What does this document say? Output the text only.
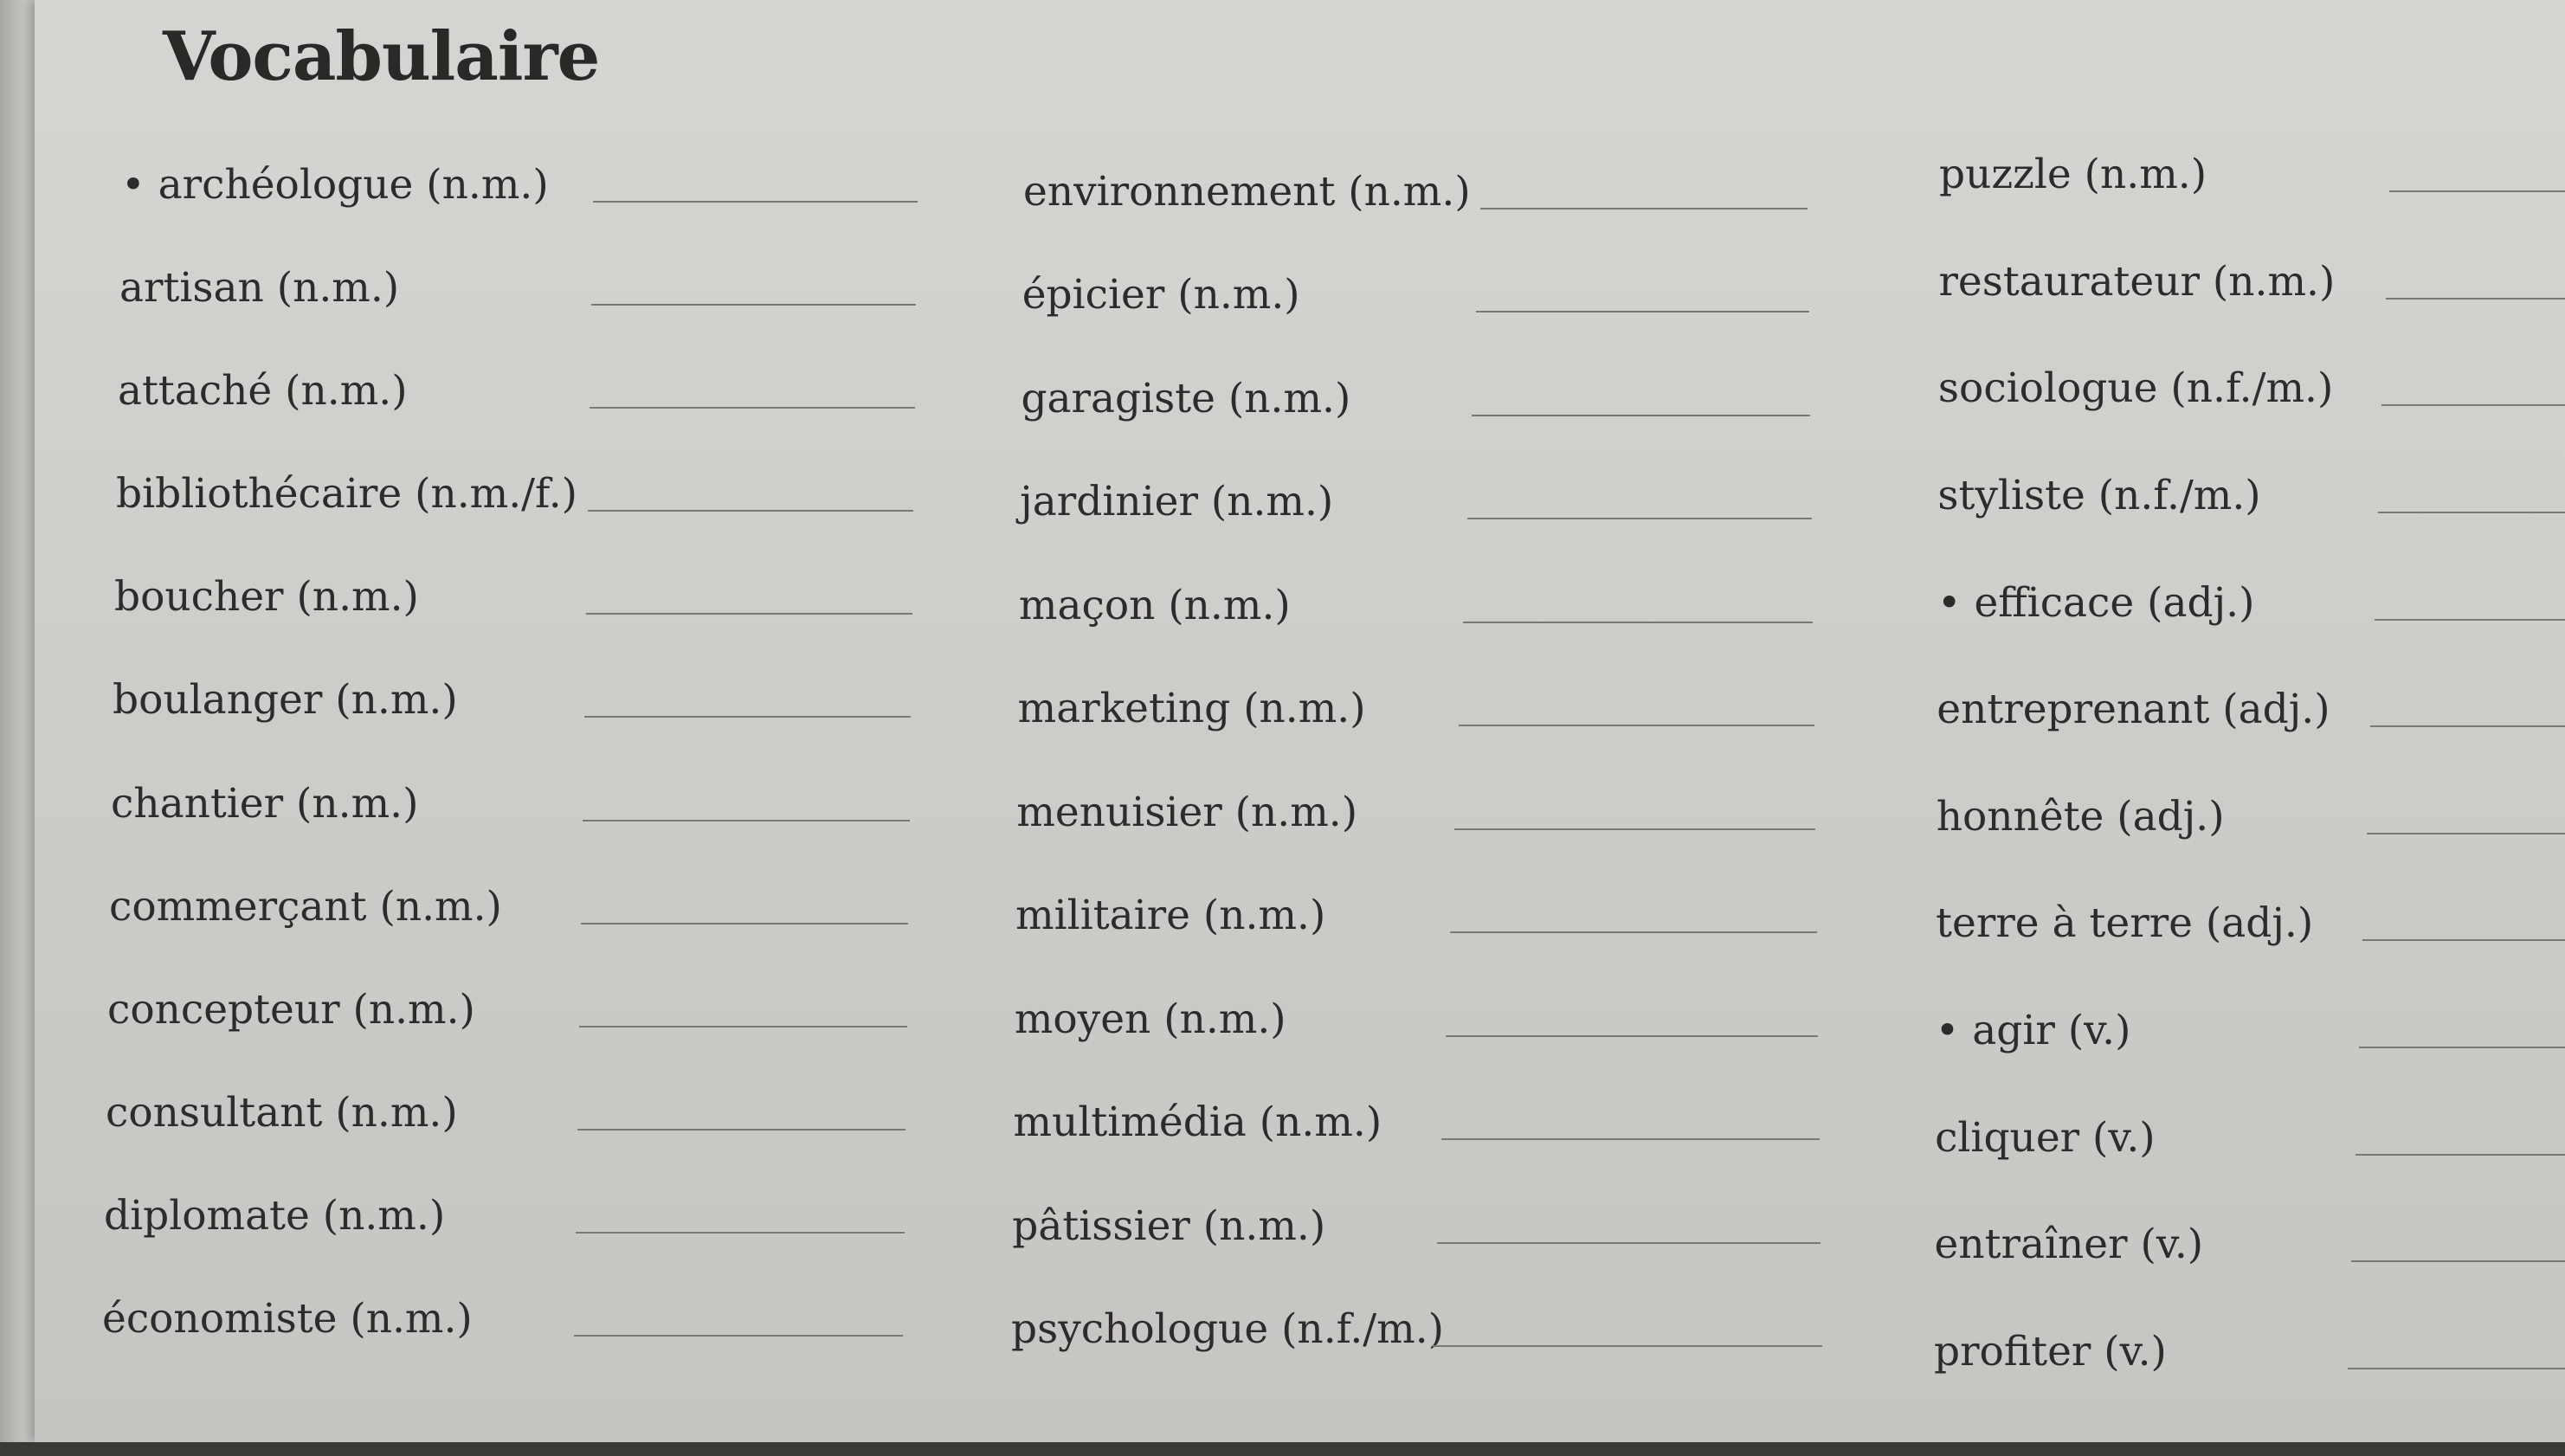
Vocabulaire
• archéologue (n.m.)
artisan (n.m.)
attaché (n.m.)
bibliothécaire (n.m./f.)
boucher (n.m.)
boulanger (n.m.)
chantier (n.m.)
commerçant (n.m.)
concepteur (n.m.)
consultant (n.m.)
diplomate (n.m.)
économiste (n.m.)
environnement (n.m.)
épicier (n.m.)
garagiste (n.m.)
jardinier (n.m.)
maçon (n.m.)
marketing (n.m.)
menuisier (n.m.)
militaire (n.m.)
moyen (n.m.)
multimédia (n.m.)
pâtissier (n.m.)
psychologue (n.f./m.)
puzzle (n.m.)
restaurateur (n.m.)
sociologue (n.f./m.)
styliste (n.f./m.)
• efficace (adj.)
entreprenant (adj.)
honnête (adj.)
terre à terre (adj.)
• agir (v.)
cliquer (v.)
entraîner (v.)
profiter (v.)
